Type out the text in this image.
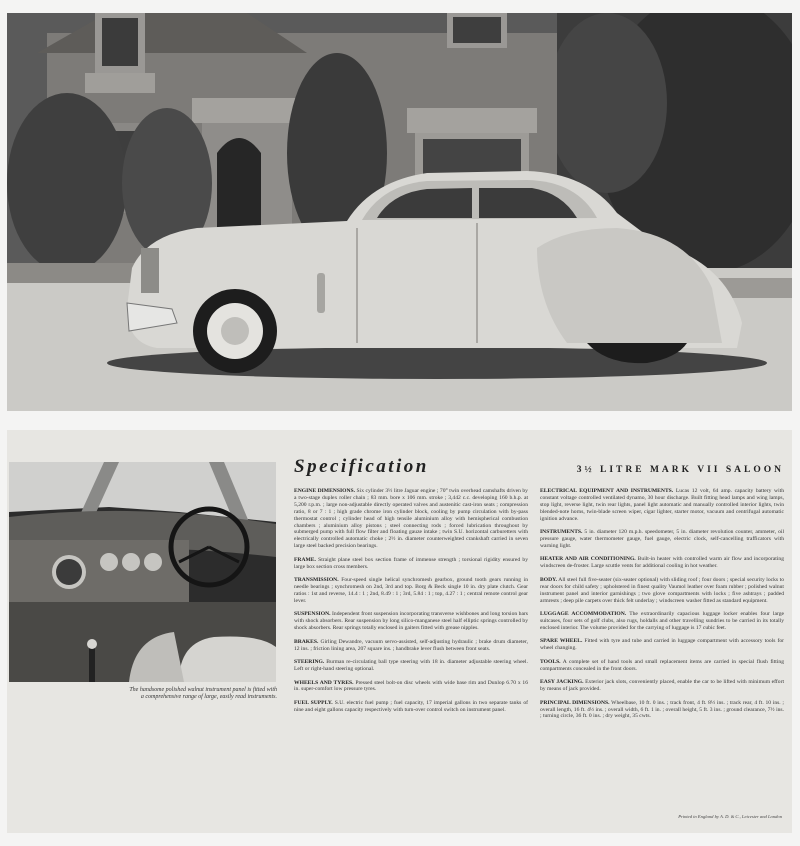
The handsome polished walnut instrument panel is fitted with a comprehensive range of large, easily read instruments.
Specification	3½ LITRE MARK VII SALOON

ENGINE DIMENSIONS. Six cylinder 3½ litre Jaguar engine ; 70° twin overhead camshafts driven by a two-stage duplex roller chain ; 83 mm. bore x 106 mm. stroke ; 3,442 c.c. developing 160 b.h.p. at 5,200 r.p.m. ; large non-adjustable directly operated valves and austenitic cast-iron seats ; compression ratio, 8 or 7 : 1 ; high grade chrome iron cylinder block, cooling by pump circulation with by-pass thermostat control ; cylinder head of high tensile aluminium alloy with hemispherical combustion chambers ; aluminium alloy pistons ; steel connecting rods ; forced lubrication throughout by submerged pump with full flow filter and floating gauze intake ; twin S.U. horizontal carburetters with electrically controlled automatic choke ; 2½ in. diameter counterweighted crankshaft carried in seven large steel backed precision bearings.

FRAME. Straight plane steel box section frame of immense strength ; torsional rigidity ensured by large box section cross members.

TRANSMISSION. Four-speed single helical synchromesh gearbox, ground tooth gears running in needle bearings ; synchromesh on 2nd, 3rd and top. Borg & Beck single 10 in. dry plate clutch. Gear ratios : 1st and reverse, 14.4 : 1 ; 2nd, 8.49 : 1 ; 3rd, 5.84 : 1 ; top, 4.27 : 1 ; central remote control gear lever.

SUSPENSION. Independent front suspension incorporating transverse wishbones and long torsion bars with shock absorbers. Rear suspension by long silico-manganese steel half elliptic springs controlled by shock absorbers. Rear springs totally enclosed in gaiters fitted with grease nipples.

BRAKES. Girling Dewandre, vacuum servo-assisted, self-adjusting hydraulic ; brake drum diameter, 12 ins. ; friction lining area, 207 square ins. ; handbrake lever flush between front seats.

STEERING. Burman re-circulating ball type steering with 18 in. diameter adjustable steering wheel. Left or right-hand steering optional.

WHEELS AND TYRES. Pressed steel bolt-on disc wheels with wide base rim and Dunlop 6.70 x 16 in. super-comfort low pressure tyres.

FUEL SUPPLY. S.U. electric fuel pump ; fuel capacity, 17 imperial gallons in two separate tanks of nine and eight gallons capacity respectively with turn-over control switch on instrument panel.

ELECTRICAL EQUIPMENT AND INSTRUMENTS. Lucas 12 volt, 64 amp. capacity battery with constant voltage controlled ventilated dynamo, 30 hour discharge. Built fitting head lamps and wing lamps, stop light, reverse light, twin rear lights, panel light automatic and manually controlled interior lights, twin blended-note horns, twin-blade screen wiper, cigar lighter, starter motor, vacuum and centrifugal automatic ignition advance.

INSTRUMENTS. 5 in. diameter 120 m.p.h. speedometer, 5 in. diameter revolution counter, ammeter, oil pressure gauge, water thermometer gauge, fuel gauge, electric clock, self-cancelling trafficators with warning light.

HEATER AND AIR CONDITIONING. Built-in heater with controlled warm air flow and incorporating windscreen de-froster. Large scuttle vents for additional cooling in hot weather.

BODY. All steel full five-seater (six-seater optional) with sliding roof ; four doors ; special security locks to rear doors for child safety ; upholstered in finest quality Vaumol leather over foam rubber ; polished walnut instrument panel and interior garnishings ; two glove compartments with locks ; five ashtrays ; padded armrests ; deep pile carpets over thick felt underlay ; windscreen washer fitted as standard equipment.

LUGGAGE ACCOMMODATION. The extraordinarily capacious luggage locker enables four large suitcases, four sets of golf clubs, also rugs, holdalls and other travelling sundries to be carried in its totally enclosed interior. The volume provided for the carrying of luggage is 17 cubic feet.

SPARE WHEEL. Fitted with tyre and tube and carried in luggage compartment with accessory tools for wheel changing.

TOOLS. A complete set of hand tools and small replacement items are carried in special flush fitting compartments concealed in the front doors.

EASY JACKING. Exterior jack slots, conveniently placed, enable the car to be lifted with minimum effort by means of jack provided.

PRINCIPAL DIMENSIONS. Wheelbase, 10 ft. 0 ins. ; track front, 4 ft. 8½ ins. ; track rear, 4 ft. 10 ins. ; overall length, 16 ft. 4½ ins. ; overall width, 6 ft. 1 in. ; overall height, 5 ft. 3 ins. ; ground clearance, 7½ ins. ; turning circle, 36 ft. 0 ins. ; dry weight, 35 cwts.

Printed in England by A. D. & C., Leicester and London
